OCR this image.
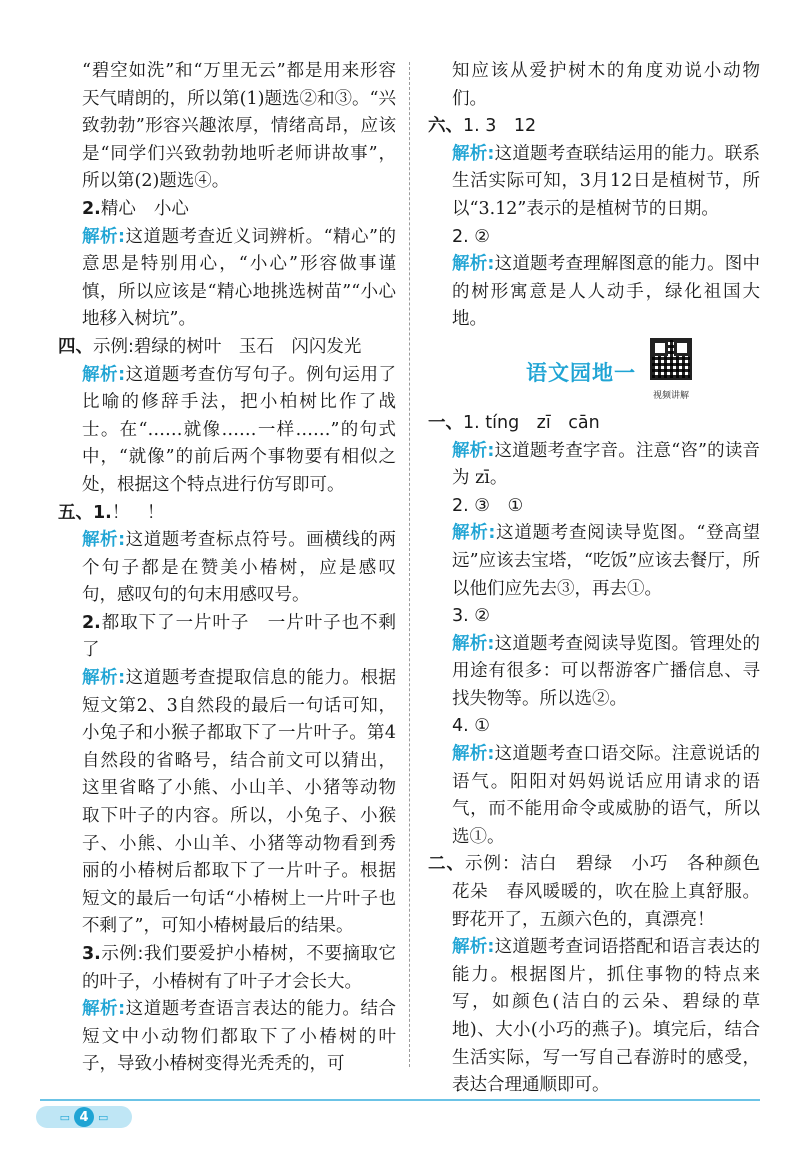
“碧空如洗”和“万里无云”都是用来形容天气晴朗的，所以第(1)题选②和③。“兴致勃勃”形容兴趣浓厚，情绪高昂，应该是“同学们兴致勃勃地听老师讲故事”，所以第(2)题选④。

2.精心 小心

解析:这道题考查近义词辨析。“精心”的意思是特别用心，“小心”形容做事谨慎，所以应该是“精心地挑选树苗”“小心地移入树坑”。

四、示例:碧绿的树叶　玉石　闪闪发光

解析:这道题考查仿写句子。例句运用了比喻的修辞手法，把小柏树比作了战士。在“……就像……一样……”的句式中，“就像”的前后两个事物要有相似之处，根据这个特点进行仿写即可。

五、1.！　！

解析:这道题考查标点符号。画横线的两个句子都是在赞美小椿树，应是感叹句，感叹句的句末用感叹号。

2.都取下了一片叶子　一片叶子也不剩了

解析:这道题考查提取信息的能力。根据短文第2、3自然段的最后一句话可知，小兔子和小猴子都取下了一片叶子。第4自然段的省略号，结合前文可以猜出，这里省略了小熊、小山羊、小猪等动物取下叶子的内容。所以，小兔子、小猴子、小熊、小山羊、小猪等动物看到秀丽的小椿树后都取下了一片叶子。根据短文的最后一句话“小椿树上一片叶子也不剩了”，可知小椿树最后的结果。

3.示例:我们要爱护小椿树，不要摘取它的叶子，小椿树有了叶子才会长大。

解析:这道题考查语言表达的能力。结合短文中小动物们都取下了小椿树的叶子，导致小椿树变得光秃秃的，可

知应该从爱护树木的角度劝说小动物们。

六、1. 3　12

解析:这道题考查联结运用的能力。联系生活实际可知，3月12日是植树节，所以“3.12”表示的是植树节的日期。

2. ②

解析:这道题考查理解图意的能力。图中的树形寓意是人人动手，绿化祖国大地。

语文园地一
视频讲解

一、1. tíng　zī　cān

解析:这道题考查字音。注意“咨”的读音为 zī。

2. ③　①

解析:这道题考查阅读导览图。“登高望远”应该去宝塔，“吃饭”应该去餐厅，所以他们应先去③，再去①。

3. ②

解析:这道题考查阅读导览图。管理处的用途有很多：可以帮游客广播信息、寻找失物等。所以选②。

4. ①

解析:这道题考查口语交际。注意说话的语气。阳阳对妈妈说话应用请求的语气，而不能用命令或威胁的语气，所以选①。

二、示例：洁白　碧绿　小巧　各种颜色　花朵　春风暖暖的，吹在脸上真舒服。野花开了，五颜六色的，真漂亮！

解析:这道题考查词语搭配和语言表达的能力。根据图片，抓住事物的特点来写，如颜色(洁白的云朵、碧绿的草地)、大小(小巧的燕子)。填完后，结合生活实际，写一写自己春游时的感受，表达合理通顺即可。

▭ 4 ▭
